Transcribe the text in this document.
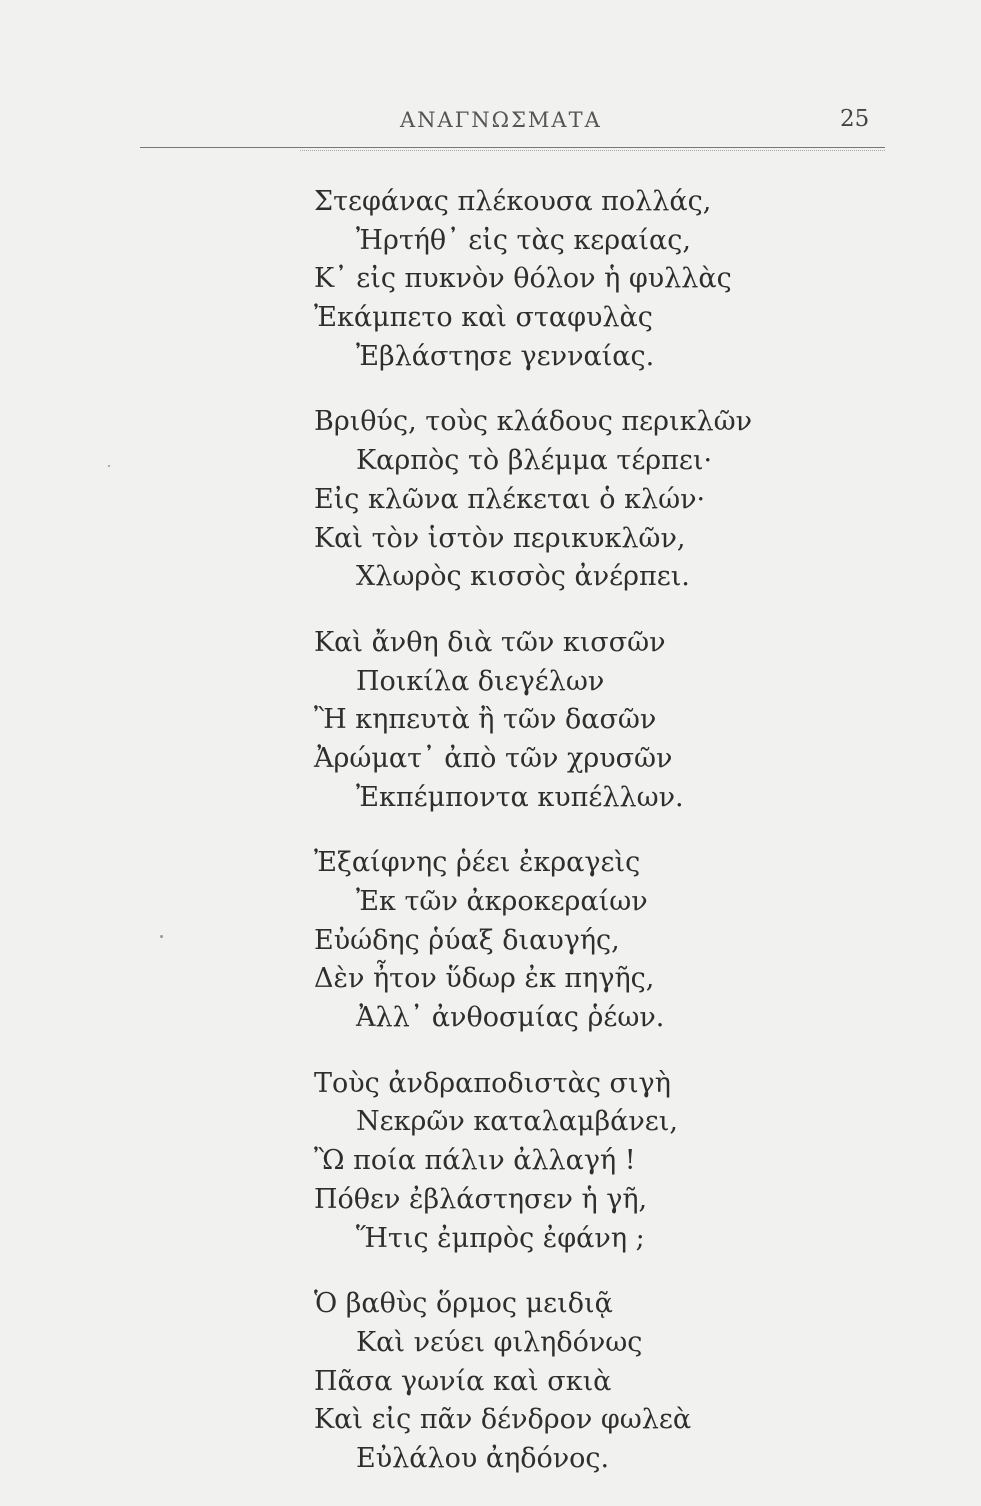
ΑΝΑΓΝΩΣΜΑΤΑ	25
Στεφάνας πλέκουσα πολλάς,
Ἠρτήθ᾽ εἰς τὰς κεραίας,
Κ᾽ εἰς πυκνὸν θόλον ἡ φυλλὰς
Ἐκάμπετο καὶ σταφυλὰς
Ἐβλάστησε γενναίας.
Βριθύς, τοὺς κλάδους περικλῶν
Καρπὸς τὸ βλέμμα τέρπει·
Εἰς κλῶνα πλέκεται ὁ κλών·
Καὶ τὸν ἱστὸν περικυκλῶν,
Χλωρὸς κισσὸς ἀνέρπει.
Καὶ ἄνθη διὰ τῶν κισσῶν
Ποικίλα διεγέλων
Ἢ κηπευτὰ ἢ τῶν δασῶν
Ἀρώματ᾽ ἀπὸ τῶν χρυσῶν
Ἐκπέμποντα κυπέλλων.
Ἐξαίφνης ῥέει ἐκραγεὶς
Ἐκ τῶν ἀκροκεραίων
Εὐώδης ῥύαξ διαυγής,
Δὲν ἦτον ὕδωρ ἐκ πηγῆς,
Ἀλλ᾽ ἀνθοσμίας ῥέων.
Τοὺς ἀνδραποδιστὰς σιγὴ
Νεκρῶν καταλαμβάνει,
Ὢ ποία πάλιν ἀλλαγή !
Πόθεν ἐβλάστησεν ἡ γῆ,
Ἥτις ἐμπρὸς ἐφάνη ;
Ὁ βαθὺς ὅρμος μειδιᾷ
Καὶ νεύει φιληδόνως
Πᾶσα γωνία καὶ σκιὰ
Καὶ εἰς πᾶν δένδρον φωλεὰ
Εὐλάλου ἀηδόνος.
